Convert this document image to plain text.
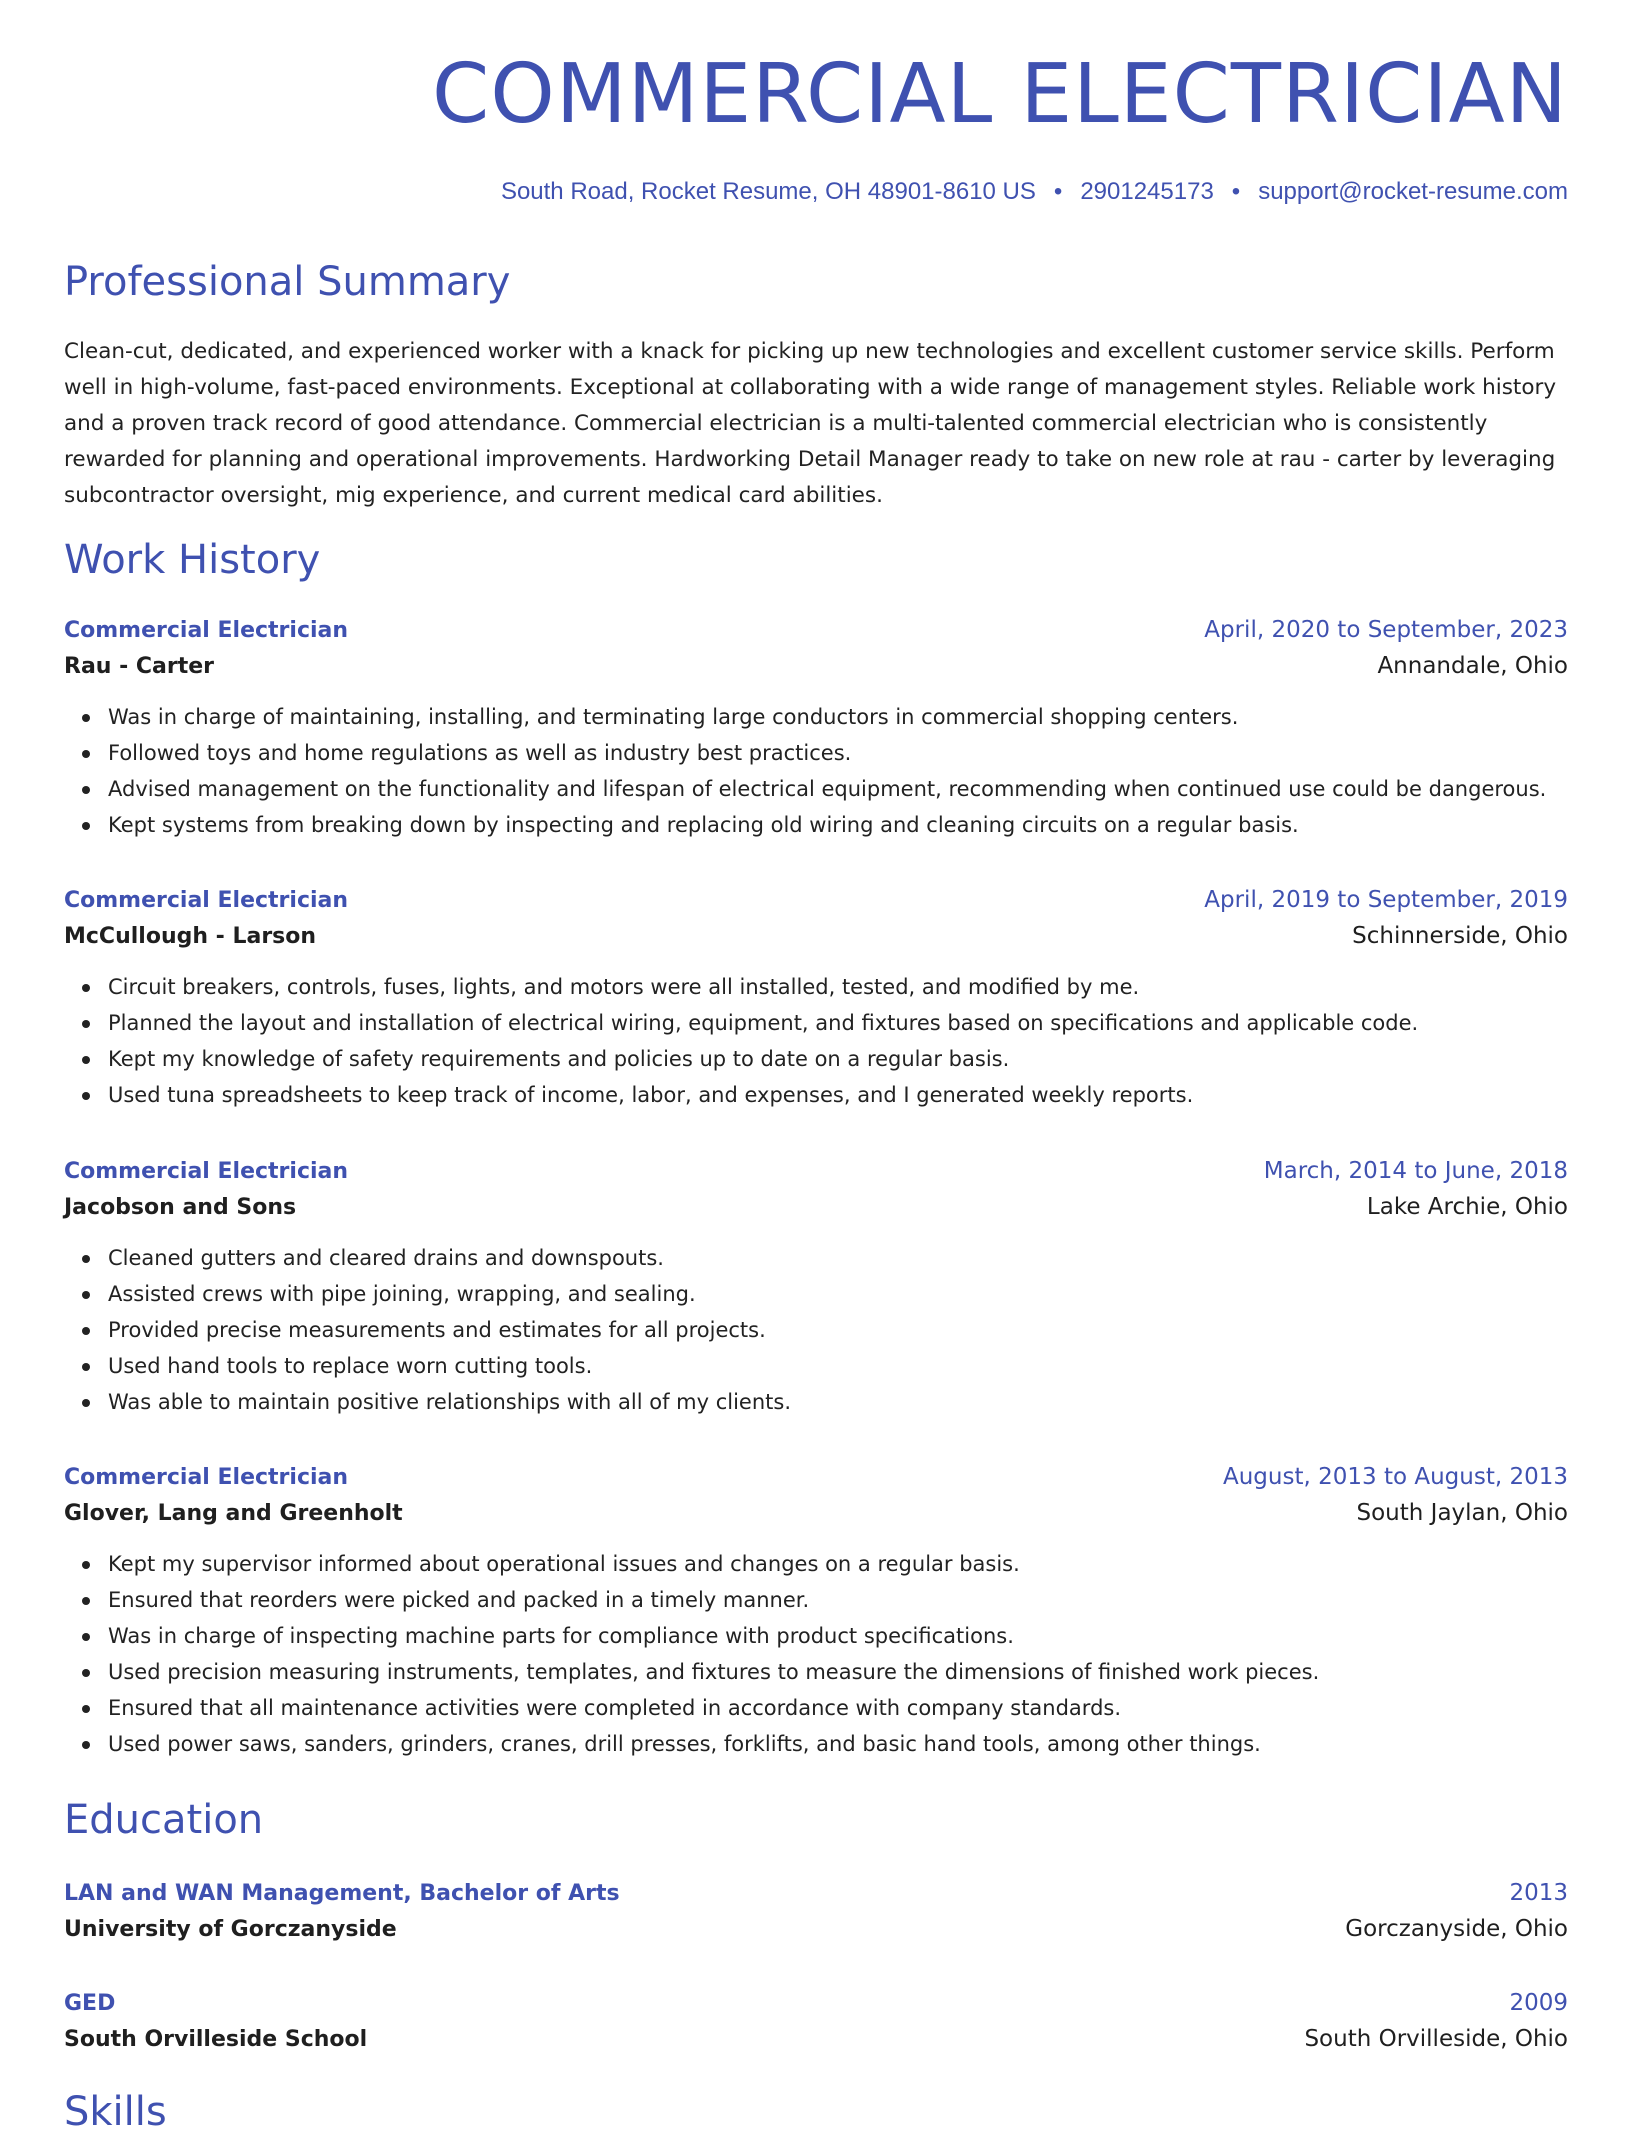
COMMERCIAL ELECTRICIAN
South Road, Rocket Resume, OH 48901-8610 US • 2901245173 • support@rocket-resume.com
Professional Summary

Clean-cut, dedicated, and experienced worker with a knack for picking up new technologies and excellent customer service skills. Perform well in high-volume, fast-paced environments. Exceptional at collaborating with a wide range of management styles. Reliable work history and a proven track record of good attendance. Commercial electrician is a multi-talented commercial electrician who is consistently rewarded for planning and operational improvements. Hardworking Detail Manager ready to take on new role at rau - carter by leveraging subcontractor oversight, mig experience, and current medical card abilities.

Work History
Commercial Electrician	April, 2020 to September, 2023
Rau - Carter	Annandale, Ohio
Was in charge of maintaining, installing, and terminating large conductors in commercial shopping centers.
Followed toys and home regulations as well as industry best practices.
Advised management on the functionality and lifespan of electrical equipment, recommending when continued use could be dangerous.
Kept systems from breaking down by inspecting and replacing old wiring and cleaning circuits on a regular basis.
Commercial Electrician	April, 2019 to September, 2019
McCullough - Larson	Schinnerside, Ohio
Circuit breakers, controls, fuses, lights, and motors were all installed, tested, and modified by me.
Planned the layout and installation of electrical wiring, equipment, and fixtures based on specifications and applicable code.
Kept my knowledge of safety requirements and policies up to date on a regular basis.
Used tuna spreadsheets to keep track of income, labor, and expenses, and I generated weekly reports.
Commercial Electrician	March, 2014 to June, 2018
Jacobson and Sons	Lake Archie, Ohio
Cleaned gutters and cleared drains and downspouts.
Assisted crews with pipe joining, wrapping, and sealing.
Provided precise measurements and estimates for all projects.
Used hand tools to replace worn cutting tools.
Was able to maintain positive relationships with all of my clients.
Commercial Electrician	August, 2013 to August, 2013
Glover, Lang and Greenholt	South Jaylan, Ohio
Kept my supervisor informed about operational issues and changes on a regular basis.
Ensured that reorders were picked and packed in a timely manner.
Was in charge of inspecting machine parts for compliance with product specifications.
Used precision measuring instruments, templates, and fixtures to measure the dimensions of finished work pieces.
Ensured that all maintenance activities were completed in accordance with company standards.
Used power saws, sanders, grinders, cranes, drill presses, forklifts, and basic hand tools, among other things.
Education
LAN and WAN Management, Bachelor of Arts	2013
University of Gorczanyside	Gorczanyside, Ohio
GED	2009
South Orvilleside School	South Orvilleside, Ohio
Skills
